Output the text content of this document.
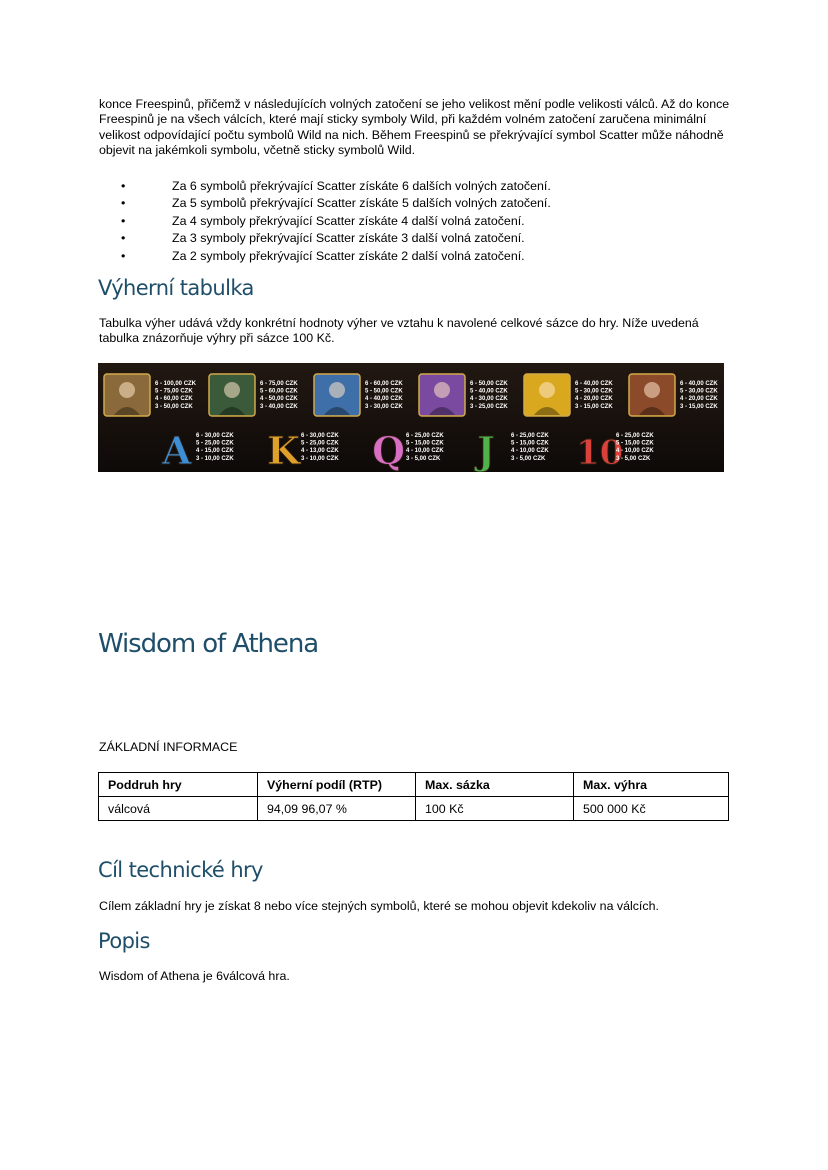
konce Freespinů, přičemž v následujících volných zatočení se jeho velikost mění podle velikosti válců. Až do konce Freespinů je na všech válcích, které mají sticky symboly Wild, při každém volném zatočení zaručena minimální velikost odpovídající počtu symbolů Wild na nich. Během Freespinů se překrývající symbol Scatter může náhodně objevit na jakémkoli symbolu, včetně sticky symbolů Wild.

•	Za 6 symbolů překrývající Scatter získáte 6 dalších volných zatočení.
•	Za 5 symbolů překrývající Scatter získáte 5 dalších volných zatočení.
•	Za 4 symboly překrývající Scatter získáte 4 další volná zatočení.
•	Za 3 symboly překrývající Scatter získáte 3 další volná zatočení.
•	Za 2 symboly překrývající Scatter získáte 2 další volná zatočení.
Výherní tabulka

Tabulka výher udává vždy konkrétní hodnoty výher ve vztahu k navolené celkové sázce do hry. Níže uvedená tabulka znázorňuje výhry při sázce 100 Kč.

6 - 100,00 CZK
5 - 75,00 CZK
4 - 60,00 CZK
3 - 50,00 CZK
6 - 75,00 CZK
5 - 60,00 CZK
4 - 50,00 CZK
3 - 40,00 CZK
6 - 60,00 CZK
5 - 50,00 CZK
4 - 40,00 CZK
3 - 30,00 CZK
6 - 50,00 CZK
5 - 40,00 CZK
4 - 30,00 CZK
3 - 25,00 CZK
6 - 40,00 CZK
5 - 30,00 CZK
4 - 20,00 CZK
3 - 15,00 CZK
6 - 40,00 CZK
5 - 30,00 CZK
4 - 20,00 CZK
3 - 15,00 CZK
A 6 - 30,00 CZK
5 - 25,00 CZK
4 - 15,00 CZK
3 - 10,00 CZK K 6 - 30,00 CZK
5 - 25,00 CZK
4 - 13,00 CZK
3 - 10,00 CZK Q 6 - 25,00 CZK
5 - 15,00 CZK
4 - 10,00 CZK
3 - 5,00 CZK J	6 - 25,00 CZK
5 - 15,00 CZK
4 - 10,00 CZK
3 - 5,00 CZK 10
6 - 25,00 CZK
5 - 15,00 CZK
4 - 10,00 CZK
3 - 5,00 CZK
Wisdom of Athena

ZÁKLADNÍ INFORMACE

Poddruh hry	Výherní podíl (RTP)	Max. sázka	Max. výhra
válcová	94,09 96,07 %	100 Kč	500 000 Kč
Cíl technické hry

Cílem základní hry je získat 8 nebo více stejných symbolů, které se mohou objevit kdekoliv na válcích.

Popis

Wisdom of Athena je 6válcová hra.
